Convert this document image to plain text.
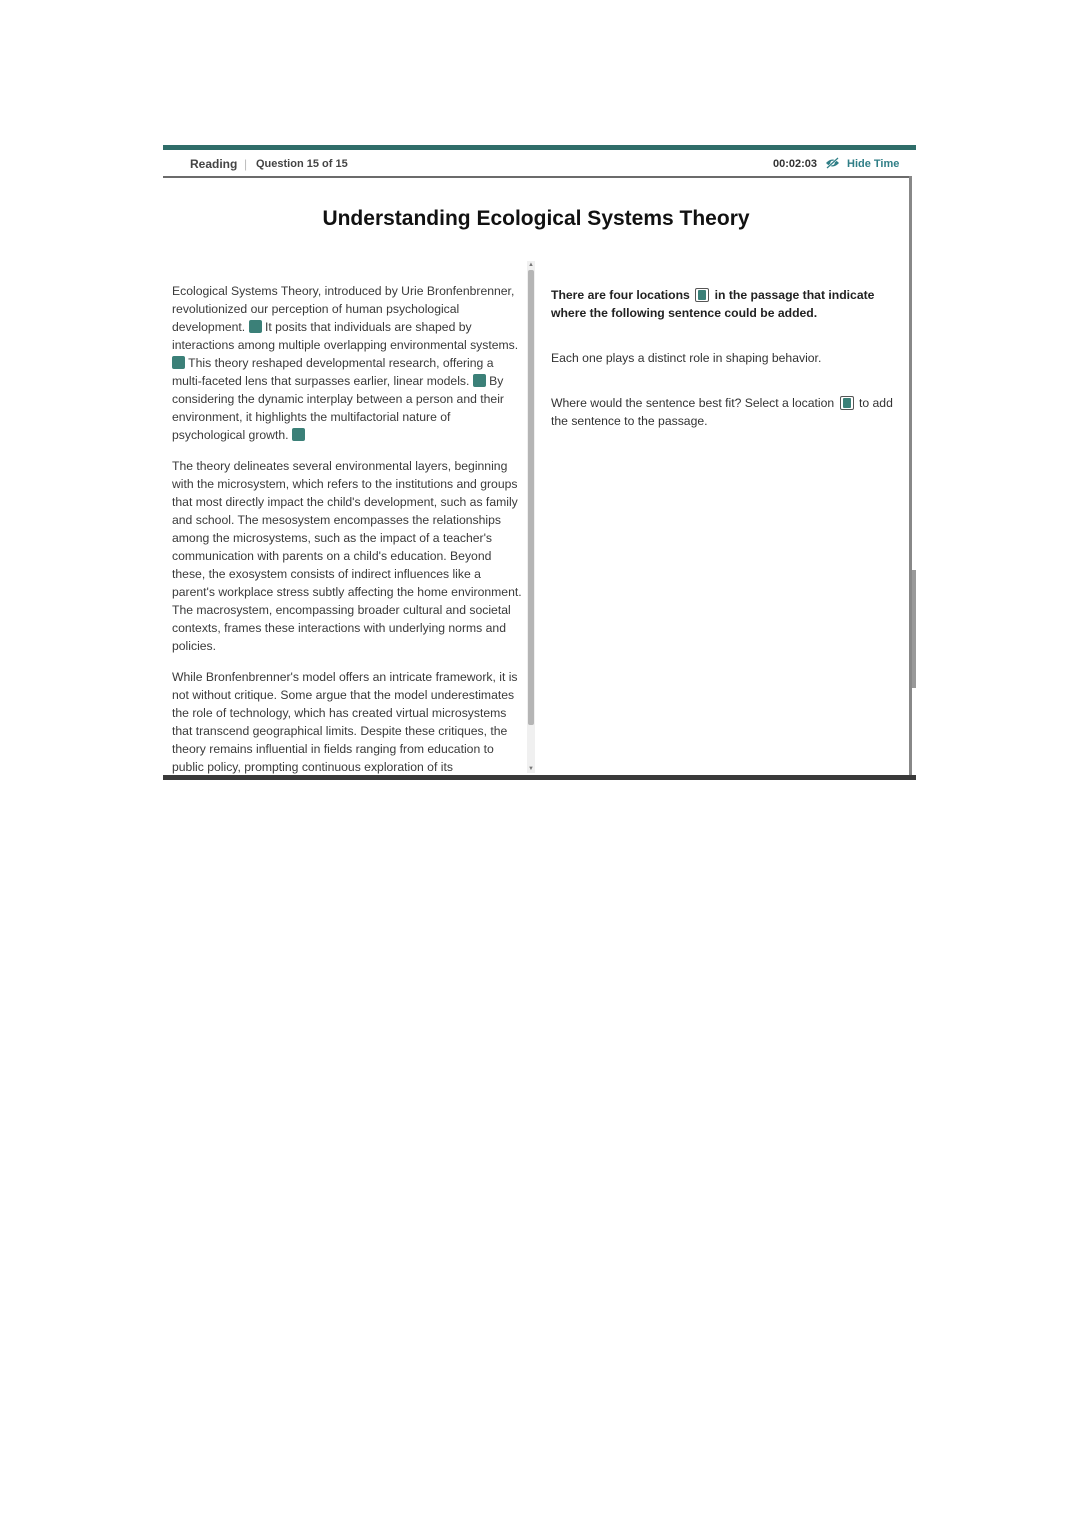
Reading | Question 15 of 15	00:02:03	Hide Time
Understanding Ecological Systems Theory

Ecological Systems Theory, introduced by Urie Bronfenbrenner, revolutionized our perception of human psychological development. It posits that individuals are shaped by interactions among multiple overlapping environmental systems.  This theory reshaped developmental research, offering a multi-faceted lens that surpasses earlier, linear models. By considering the dynamic interplay between a person and their environment, it highlights the multifactorial nature of psychological growth.

The theory delineates several environmental layers, beginning with the microsystem, which refers to the institutions and groups that most directly impact the child's development, such as family and school. The mesosystem encompasses the relationships among the microsystems, such as the impact of a teacher's communication with parents on a child's education. Beyond these, the exosystem consists of indirect influences like a parent's workplace stress subtly affecting the home environment. The macrosystem, encompassing broader cultural and societal contexts, frames these interactions with underlying norms and policies.

While Bronfenbrenner's model offers an intricate framework, it is not without critique. Some argue that the model underestimates the role of technology, which has created virtual microsystems that transcend geographical limits. Despite these critiques, the theory remains influential in fields ranging from education to public policy, prompting continuous exploration of its

▲
▼

There are four locations in the passage that indicate where the following sentence could be added.

Each one plays a distinct role in shaping behavior.

Where would the sentence best fit? Select a location to add the sentence to the passage.
